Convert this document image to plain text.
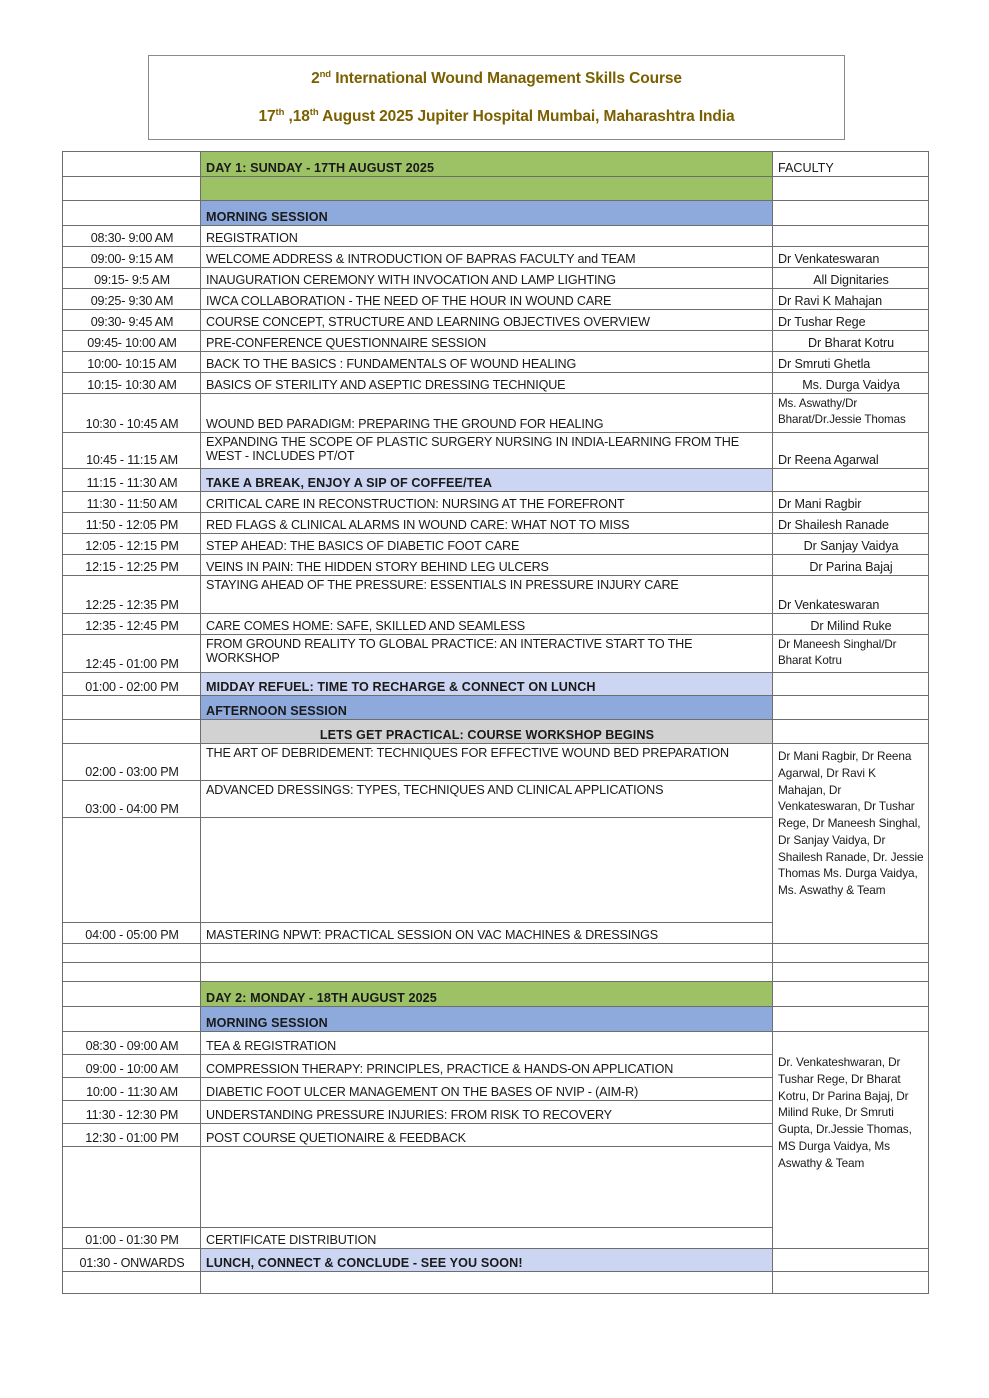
2nd International Wound Management Skills Course
17th ,18th August 2025 Jupiter Hospital Mumbai, Maharashtra India
	DAY 1: SUNDAY - 17TH AUGUST 2025	FACULTY

	MORNING SESSION	
08:30- 9:00 AM	REGISTRATION	
09:00- 9:15 AM	WELCOME ADDRESS & INTRODUCTION OF BAPRAS FACULTY and TEAM	Dr Venkateswaran
09:15- 9:5 AM	INAUGURATION CEREMONY WITH INVOCATION AND LAMP LIGHTING	All Dignitaries
09:25- 9:30 AM	IWCA COLLABORATION - THE NEED OF THE HOUR IN WOUND CARE	Dr Ravi K Mahajan
09:30- 9:45 AM	COURSE CONCEPT, STRUCTURE AND LEARNING OBJECTIVES OVERVIEW	Dr Tushar Rege
09:45- 10:00 AM	PRE-CONFERENCE QUESTIONNAIRE SESSION	Dr Bharat Kotru
10:00- 10:15 AM	BACK TO THE BASICS : FUNDAMENTALS OF WOUND HEALING	Dr Smruti Ghetla
10:15- 10:30 AM	BASICS OF STERILITY AND ASEPTIC DRESSING TECHNIQUE	Ms. Durga Vaidya
10:30 - 10:45 AM	WOUND BED PARADIGM: PREPARING THE GROUND FOR HEALING	Ms. Aswathy/Dr Bharat/Dr.Jessie Thomas
10:45 - 11:15 AM	EXPANDING THE SCOPE OF PLASTIC SURGERY NURSING IN INDIA-LEARNING FROM THE WEST - INCLUDES PT/OT	Dr Reena Agarwal
11:15 - 11:30 AM	TAKE A BREAK, ENJOY A SIP OF COFFEE/TEA	
11:30 - 11:50 AM	CRITICAL CARE IN RECONSTRUCTION: NURSING AT THE FOREFRONT	Dr Mani Ragbir
11:50 - 12:05 PM	RED FLAGS & CLINICAL ALARMS IN WOUND CARE: WHAT NOT TO MISS	Dr Shailesh Ranade
12:05 - 12:15 PM	STEP AHEAD: THE BASICS OF DIABETIC FOOT CARE	Dr Sanjay Vaidya
12:15 - 12:25 PM	VEINS IN PAIN: THE HIDDEN STORY BEHIND LEG ULCERS	Dr Parina Bajaj
12:25 - 12:35 PM	STAYING AHEAD OF THE PRESSURE: ESSENTIALS IN PRESSURE INJURY CARE	Dr Venkateswaran
12:35 - 12:45 PM	CARE COMES HOME: SAFE, SKILLED AND SEAMLESS	Dr Milind Ruke
12:45 - 01:00 PM	FROM GROUND REALITY TO GLOBAL PRACTICE: AN INTERACTIVE START TO THE WORKSHOP	Dr Maneesh Singhal/Dr Bharat Kotru
01:00 - 02:00 PM	MIDDAY REFUEL: TIME TO RECHARGE & CONNECT ON LUNCH	
	AFTERNOON SESSION	
	LETS GET PRACTICAL: COURSE WORKSHOP BEGINS	
02:00 - 03:00 PM	THE ART OF DEBRIDEMENT: TECHNIQUES FOR EFFECTIVE WOUND BED PREPARATION	Dr Mani Ragbir, Dr Reena Agarwal, Dr Ravi K Mahajan, Dr Venkateswaran, Dr Tushar Rege, Dr Maneesh Singhal, Dr Sanjay Vaidya, Dr Shailesh Ranade, Dr. Jessie Thomas Ms. Durga Vaidya, Ms. Aswathy & Team
03:00 - 04:00 PM	ADVANCED DRESSINGS: TYPES, TECHNIQUES AND CLINICAL APPLICATIONS	

04:00 - 05:00 PM	MASTERING NPWT: PRACTICAL SESSION ON VAC MACHINES & DRESSINGS	

	DAY 2: MONDAY - 18TH AUGUST 2025	
	MORNING SESSION	
08:30 - 09:00 AM	TEA & REGISTRATION	Dr. Venkateshwaran, Dr Tushar Rege, Dr Bharat Kotru, Dr Parina Bajaj, Dr Milind Ruke, Dr Smruti Gupta, Dr.Jessie Thomas, MS Durga Vaidya, Ms Aswathy & Team
09:00 - 10:00 AM	COMPRESSION THERAPY: PRINCIPLES, PRACTICE & HANDS-ON APPLICATION	
10:00 - 11:30 AM	DIABETIC FOOT ULCER MANAGEMENT ON THE BASES OF NVIP - (AIM-R)	
11:30 - 12:30 PM	UNDERSTANDING PRESSURE INJURIES: FROM RISK TO RECOVERY	
12:30 - 01:00 PM	POST COURSE QUETIONAIRE & FEEDBACK	

01:00 - 01:30 PM	CERTIFICATE DISTRIBUTION	
01:30 - ONWARDS	LUNCH, CONNECT & CONCLUDE - SEE YOU SOON!	
